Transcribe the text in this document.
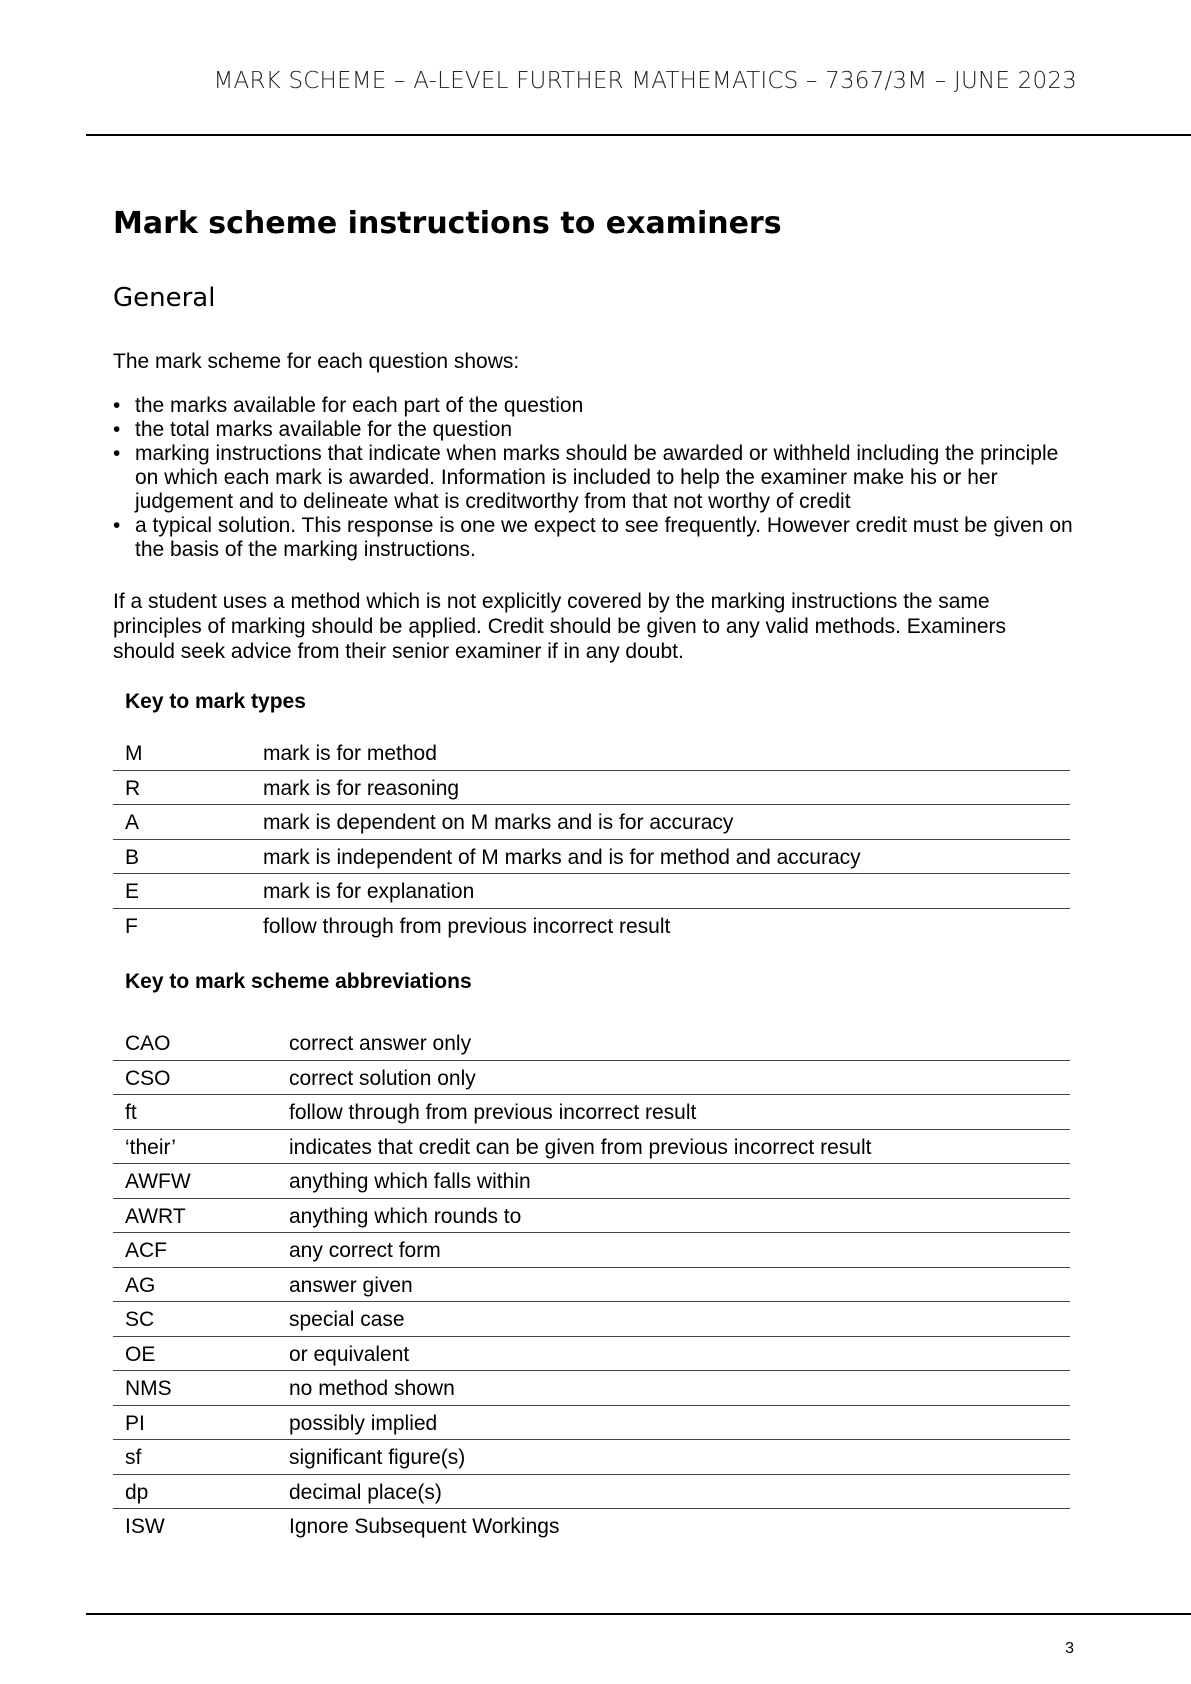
MARK SCHEME – A-LEVEL FURTHER MATHEMATICS – 7367/3M – JUNE 2023
Mark scheme instructions to examiners
General
The mark scheme for each question shows:
• the marks available for each part of the question
• the total marks available for the question
• marking instructions that indicate when marks should be awarded or withheld including the principle on which each mark is awarded. Information is included to help the examiner make his or her judgement and to delineate what is creditworthy from that not worthy of credit
• a typical solution. This response is one we expect to see frequently. However credit must be given on the basis of the marking instructions.
If a student uses a method which is not explicitly covered by the marking instructions the same principles of marking should be applied. Credit should be given to any valid methods. Examiners should seek advice from their senior examiner if in any doubt.
Key to mark types
M	mark is for method
R	mark is for reasoning
A	mark is dependent on M marks and is for accuracy
B	mark is independent of M marks and is for method and accuracy
E	mark is for explanation
F	follow through from previous incorrect result
Key to mark scheme abbreviations
CAO	correct answer only
CSO	correct solution only
ft	follow through from previous incorrect result
‘their’	indicates that credit can be given from previous incorrect result
AWFW	anything which falls within
AWRT	anything which rounds to
ACF	any correct form
AG	answer given
SC	special case
OE	or equivalent
NMS	no method shown
PI	possibly implied
sf	significant figure(s)
dp	decimal place(s)
ISW	Ignore Subsequent Workings
3
